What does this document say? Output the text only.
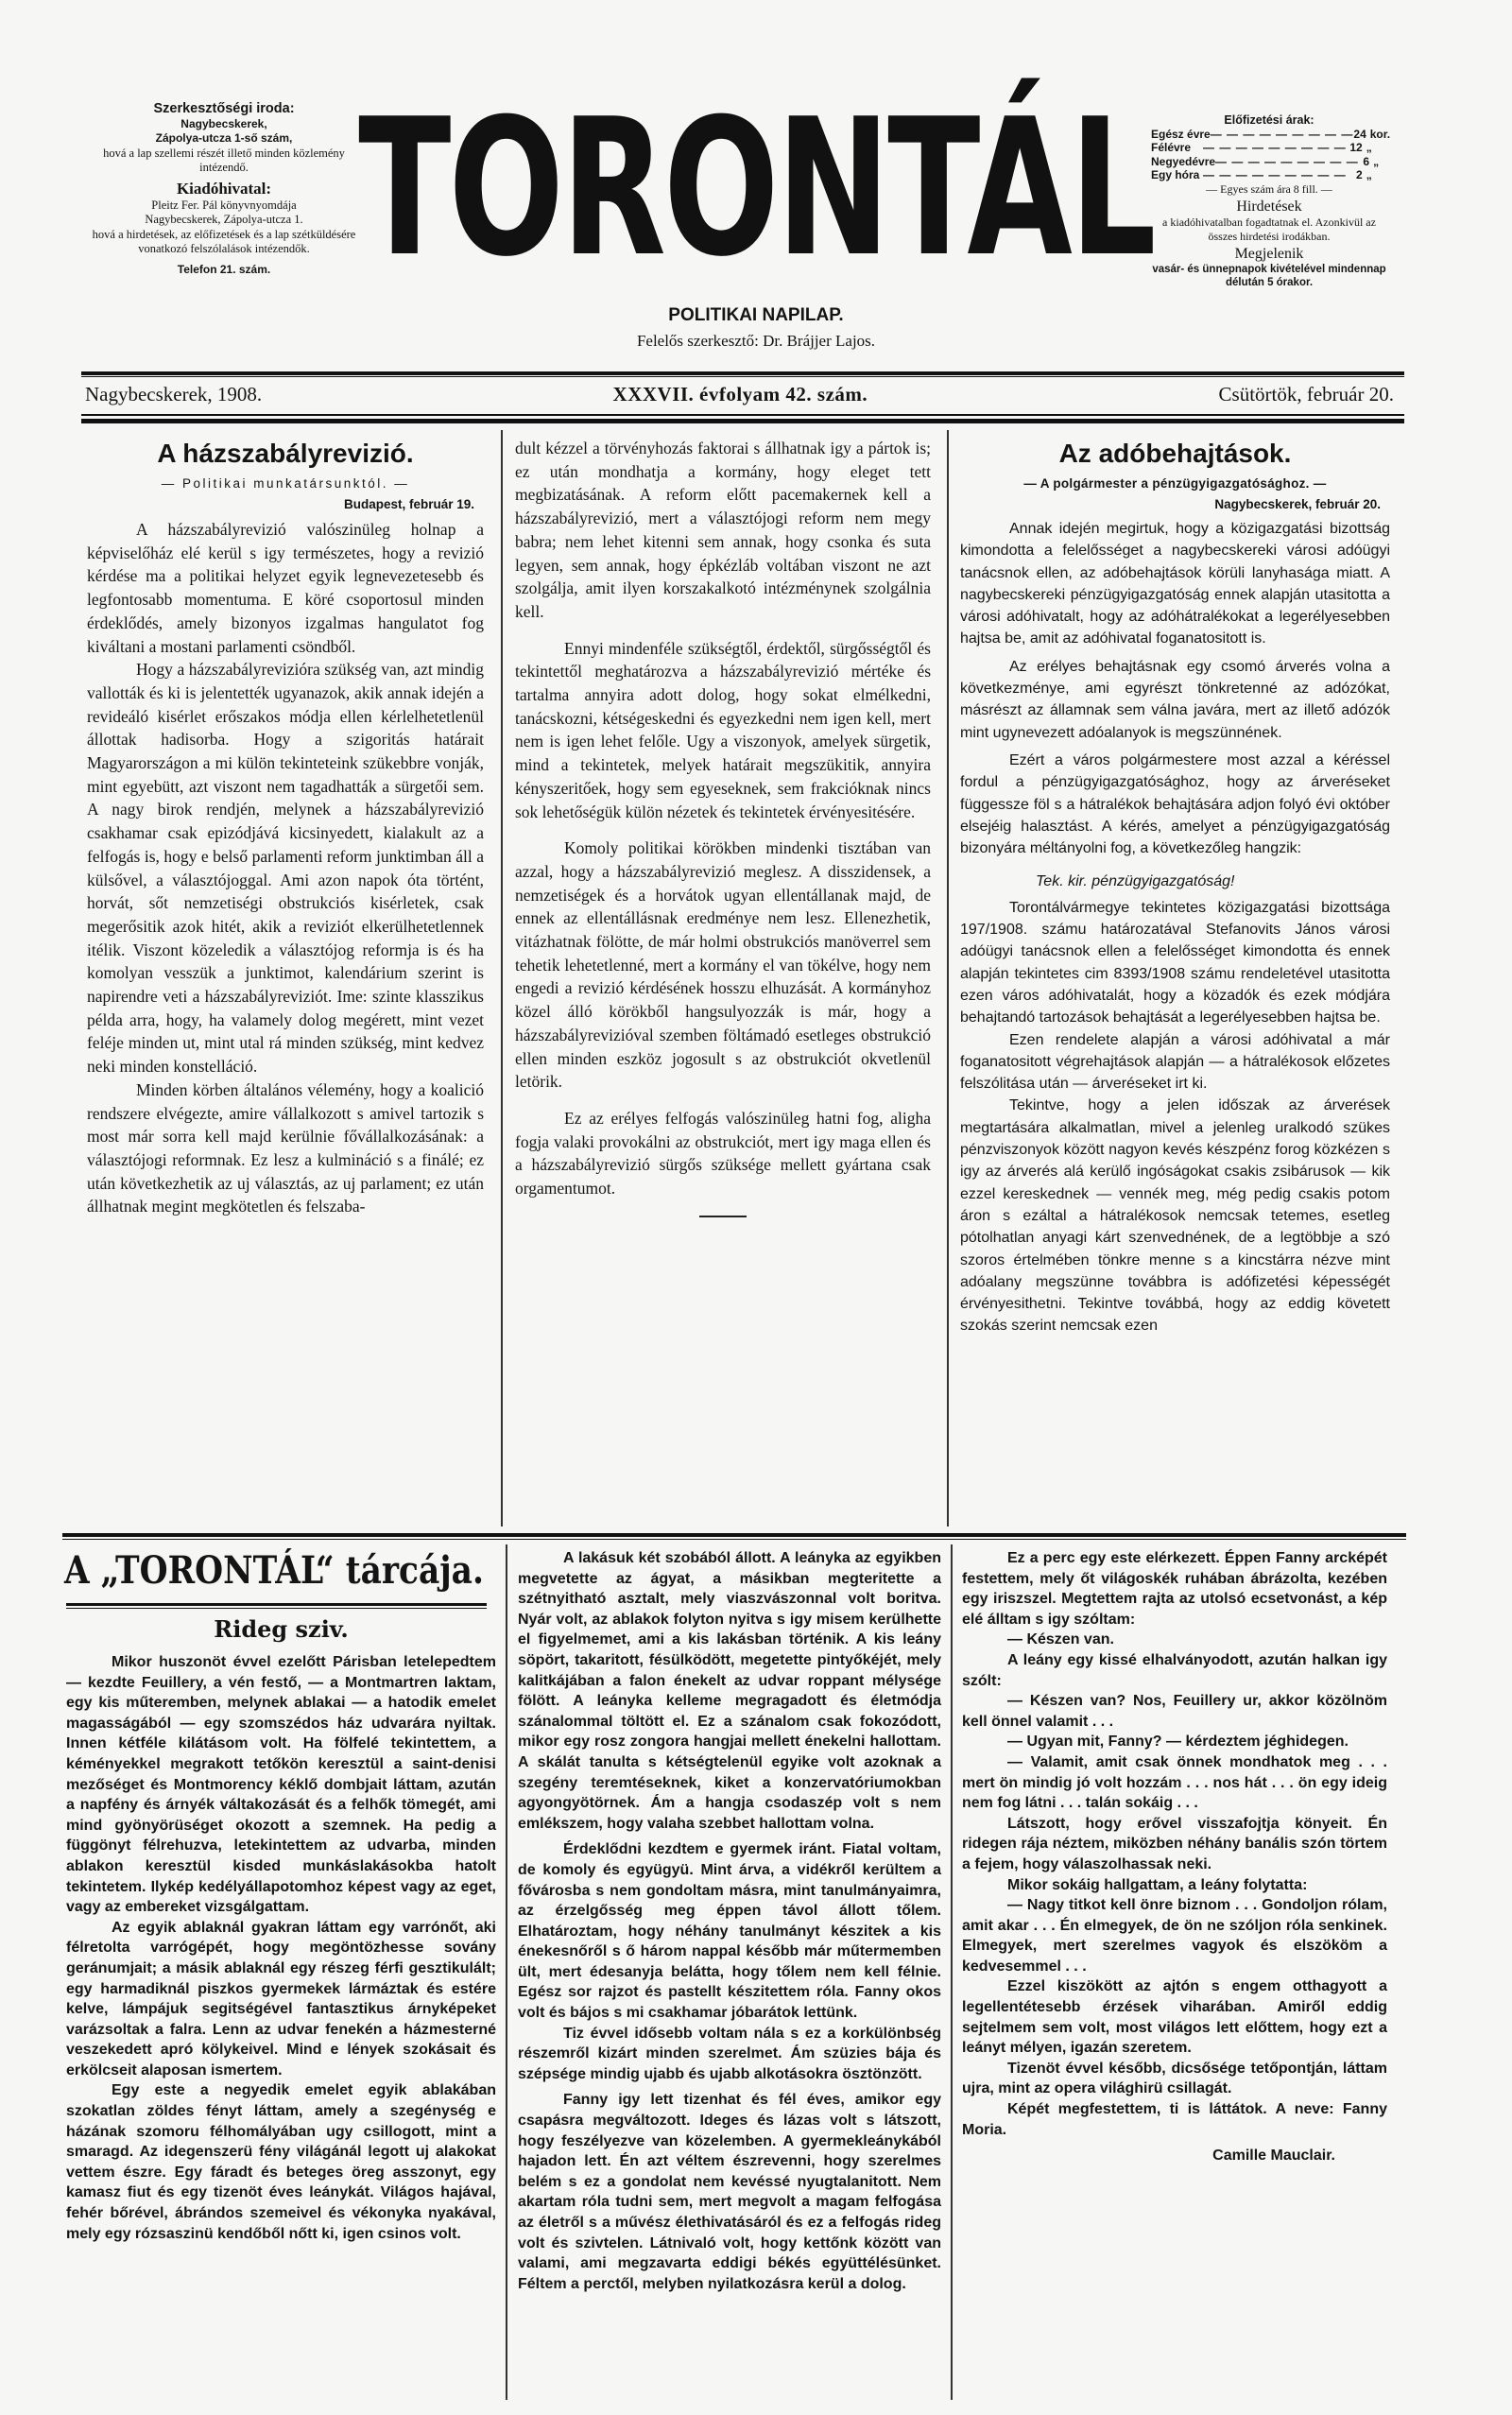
Szerkesztőségi iroda:

Nagybecskerek,

Zápolya-utcza 1-ső szám,

hová a lap szellemi részét illető minden közlemény intézendő.

Kiadóhivatal:

Pleitz Fer. Pál könyvnyomdája

Nagybecskerek, Zápolya-utcza 1.

hová a hirdetések, az előfizetések és a lap szétküldésére vonatkozó felszólalások intézendők.

Telefon 21. szám. TORONTÁL
POLITIKAI NAPILAP.
Felelős szerkesztő: Dr. Brájjer Lajos.

Előfizetési árak:

Egész évre — — — — — — — — — 24 kor.
Félévre	— — — — — — — — — 12 „
Negyedévre — — — — — — — — — 6 „
Egy hóra — — — — — — — — — 2 „

— Egyes szám ára 8 fill. —

Hirdetések

a kiadóhivatalban fogadtatnak el. Azonkivül az összes hirdetési irodákban.

Megjelenik

vasár- és ünnepnapok kivételével mindennap délután 5 órakor.

Nagybecskerek, 1908.	XXXVII. évfolyam 42. szám.	Csütörtök, február 20.

A házszabályrevizió.

— Politikai munkatársunktól. —

Budapest, február 19.

A házszabályrevizió valószinüleg holnap a képviselőház elé kerül s igy természetes, hogy a revizió kérdése ma a politikai helyzet egyik legnevezetesebb és legfontosabb momentuma. E köré csoportosul minden érdeklődés, amely bizonyos izgalmas hangulatot fog kiváltani a mostani parlamenti csöndből.

Hogy a házszabályrevizióra szükség van, azt mindig vallották és ki is jelentették ugyanazok, akik annak idején a revideáló kisérlet erőszakos módja ellen kérlelhetetlenül állottak hadisorba. Hogy a szigoritás határait Magyarországon a mi külön tekinteteink szükebbre vonják, mint egyebütt, azt viszont nem tagadhatták a sürgetői sem. A nagy birok rendjén, melynek a házszabályrevizió csakhamar csak epizódjává kicsinyedett, kialakult az a felfogás is, hogy e belső parlamenti reform junktimban áll a külsővel, a választójoggal. Ami azon napok óta történt, horvát, sőt nemzetiségi obstrukciós kisérletek, csak megerősitik azok hitét, akik a reviziót elkerülhetetlennek itélik. Viszont közeledik a választójog reformja is és ha komolyan vesszük a junktimot, kalendárium szerint is napirendre veti a házszabályreviziót. Ime: szinte klasszikus példa arra, hogy, ha valamely dolog megérett, mint vezet feléje minden ut, mint utal rá minden szükség, mint kedvez neki minden konstelláció.

Minden körben általános vélemény, hogy a koalició rendszere elvégezte, amire vállalkozott s amivel tartozik s most már sorra kell majd kerülnie fővállalkozásának: a választójogi reformnak. Ez lesz a kulmináció s a finálé; ez után következhetik az uj választás, az uj parlament; ez után állhatnak megint megkötetlen és felszaba-

dult kézzel a törvényhozás faktorai s állhatnak igy a pártok is; ez után mondhatja a kormány, hogy eleget tett megbizatásának. A reform előtt pacemakernek kell a házszabályrevizió, mert a választójogi reform nem megy babra; nem lehet kitenni sem annak, hogy csonka és suta legyen, sem annak, hogy épkézláb voltában viszont ne azt szolgálja, amit ilyen korszakalkotó intézménynek szolgálnia kell.

Ennyi mindenféle szükségtől, érdektől, sürgősségtől és tekintettől meghatározva a házszabályrevizió mértéke és tartalma annyira adott dolog, hogy sokat elmélkedni, tanácskozni, kétségeskedni és egyezkedni nem igen kell, mert nem is igen lehet felőle. Ugy a viszonyok, amelyek sürgetik, mind a tekintetek, melyek határait megszükitik, annyira kényszeritőek, hogy sem egyeseknek, sem frakcióknak nincs sok lehetőségük külön nézetek és tekintetek érvényesitésére.

Komoly politikai körökben mindenki tisztában van azzal, hogy a házszabályrevizió meglesz. A disszidensek, a nemzetiségek és a horvátok ugyan ellentállanak majd, de ennek az ellentállásnak eredménye nem lesz. Ellenezhetik, vitázhatnak fölötte, de már holmi obstrukciós manöverrel sem tehetik lehetetlenné, mert a kormány el van tökélve, hogy nem engedi a revizió kérdésének hosszu elhuzását. A kormányhoz közel álló körökből hangsulyozzák is már, hogy a házszabályrevizióval szemben föltámadó esetleges obstrukció ellen minden eszköz jogosult s az obstrukciót okvetlenül letörik.

Ez az erélyes felfogás valószinüleg hatni fog, aligha fogja valaki provokálni az obstrukciót, mert igy maga ellen és a házszabályrevizió sürgős szüksége mellett gyártana csak orgamentumot.

Az adóbehajtások.

— A polgármester a pénzügyigazgatósághoz. —

Nagybecskerek, február 20.

Annak idején megirtuk, hogy a közigazgatási bizottság kimondotta a felelősséget a nagybecskereki városi adóügyi tanácsnok ellen, az adóbehajtások körüli lanyhasága miatt. A nagybecskereki pénzügyigazgatóság ennek alapján utasitotta a városi adóhivatalt, hogy az adóhátralékokat a legerélyesebben hajtsa be, amit az adóhivatal foganatositott is.

Az erélyes behajtásnak egy csomó árverés volna a következménye, ami egyrészt tönkretenné az adózókat, másrészt az államnak sem válna javára, mert az illető adózók mint ugynevezett adóalanyok is megszünnének.

Ezért a város polgármestere most azzal a kéréssel fordul a pénzügyigazgatósághoz, hogy az árveréseket függessze föl s a hátralékok behajtására adjon folyó évi október elsejéig halasztást. A kérés, amelyet a pénzügyigazgatóság bizonyára méltányolni fog, a következőleg hangzik:

Tek. kir. pénzügyigazgatóság!

Torontálvármegye tekintetes közigazgatási bizottsága 197/1908. számu határozatával Stefanovits János városi adóügyi tanácsnok ellen a felelősséget kimondotta és ennek alapján tekintetes cim 8393/1908 számu rendeletével utasitotta ezen város adóhivatalát, hogy a közadók és ezek módjára behajtandó tartozások behajtását a legerélyesebben hajtsa be.

Ezen rendelete alapján a városi adóhivatal a már foganatositott végrehajtások alapján — a hátralékosok előzetes felszólitása után — árveréseket irt ki.

Tekintve, hogy a jelen időszak az árverések megtartására alkalmatlan, mivel a jelenleg uralkodó szükes pénzviszonyok között nagyon kevés készpénz forog közkézen s igy az árverés alá kerülő ingóságokat csakis zsibárusok — kik ezzel kereskednek — vennék meg, még pedig csakis potom áron s ezáltal a hátralékosok nemcsak tetemes, esetleg pótolhatlan anyagi kárt szenvednének, de a legtöbbje a szó szoros értelmében tönkre menne s a kincstárra nézve mint adóalany megszünne továbbra is adófizetési képességét érvényesithetni. Tekintve továbbá, hogy az eddig követett szokás szerint nemcsak ezen

A „TORONTÁL“ tárcája.
Rideg sziv.

Mikor huszonöt évvel ezelőtt Párisban letelepedtem — kezdte Feuillery, a vén festő, — a Montmartren laktam, egy kis műteremben, melynek ablakai — a hatodik emelet magasságából — egy szomszédos ház udvarára nyiltak. Innen kétféle kilátásom volt. Ha fölfelé tekintettem, a kéményekkel megrakott tetőkön keresztül a saint-denisi mezőséget és Montmorency kéklő dombjait láttam, azután a napfény és árnyék váltakozását és a felhők tömegét, ami mind gyönyörüséget okozott a szemnek. Ha pedig a függönyt félrehuzva, letekintettem az udvarba, minden ablakon keresztül kisded munkáslakásokba hatolt tekintetem. Ilykép kedélyállapotomhoz képest vagy az eget, vagy az embereket vizsgálgattam.

Az egyik ablaknál gyakran láttam egy varrónőt, aki félretolta varrógépét, hogy megöntözhesse sovány geránumjait; a másik ablaknál egy részeg férfi gesztikulált; egy harmadiknál piszkos gyermekek lármáztak és estére kelve, lámpájuk segitségével fantasztikus árnyképeket varázsoltak a falra. Lenn az udvar fenekén a házmesterné veszekedett apró kölykeivel. Mind e lények szokásait és erkölcseit alaposan ismertem.

Egy este a negyedik emelet egyik ablakában szokatlan zöldes fényt láttam, amely a szegénység e házának szomoru félhomályában ugy csillogott, mint a smaragd. Az idegenszerü fény világánál legott uj alakokat vettem észre. Egy fáradt és beteges öreg asszonyt, egy kamasz fiut és egy tizenöt éves leánykát. Világos hajával, fehér bőrével, ábrándos szemeivel és vékonyka nyakával, mely egy rózsaszinü kendőből nőtt ki, igen csinos volt.

A lakásuk két szobából állott. A leányka az egyikben megvetette az ágyat, a másikban megteritette a szétnyitható asztalt, mely viaszvászonnal volt boritva. Nyár volt, az ablakok folyton nyitva s igy misem kerülhette el figyelmemet, ami a kis lakásban történik. A kis leány söpört, takaritott, fésülködött, megetette pintyőkéjét, mely kalitkájában a falon énekelt az udvar roppant mélysége fölött. A leányka kelleme megragadott és életmódja szánalommal töltött el. Ez a szánalom csak fokozódott, mikor egy rosz zongora hangjai mellett énekelni hallottam. A skálát tanulta s kétségtelenül egyike volt azoknak a szegény teremtéseknek, kiket a konzervatóriumokban agyongyötörnek. Ám a hangja csodaszép volt s nem emlékszem, hogy valaha szebbet hallottam volna.

Érdeklődni kezdtem e gyermek iránt. Fiatal voltam, de komoly és együgyü. Mint árva, a vidékről kerültem a fővárosba s nem gondoltam másra, mint tanulmányaimra, az érzelgősség meg éppen távol állott tőlem. Elhatároztam, hogy néhány tanulmányt készitek a kis énekesnőről s ő három nappal később már műtermemben ült, mert édesanyja belátta, hogy tőlem nem kell félnie. Egész sor rajzot és pastellt készitettem róla. Fanny okos volt és bájos s mi csakhamar jóbarátok lettünk.

Tiz évvel idősebb voltam nála s ez a korkülönbség részemről kizárt minden szerelmet. Ám szüzies bája és szépsége mindig ujabb és ujabb alkotásokra ösztönzött.

Fanny igy lett tizenhat és fél éves, amikor egy csapásra megváltozott. Ideges és lázas volt s látszott, hogy feszélyezve van közelemben. A gyermekleánykából hajadon lett. Én azt véltem észrevenni, hogy szerelmes belém s ez a gondolat nem kevéssé nyugtalanitott. Nem akartam róla tudni sem, mert megvolt a magam felfogása az életről s a művész élethivatásáról és ez a felfogás rideg volt és szivtelen. Látnivaló volt, hogy kettőnk között van valami, ami megzavarta eddigi békés együttélésünket. Féltem a perctől, melyben nyilatkozásra kerül a dolog.

Ez a perc egy este elérkezett. Éppen Fanny arcképét festettem, mely őt világoskék ruhában ábrázolta, kezében egy iriszszel. Megtettem rajta az utolsó ecsetvonást, a kép elé álltam s igy szóltam:

— Készen van.

A leány egy kissé elhalványodott, azután halkan igy szólt:

— Készen van? Nos, Feuillery ur, akkor közölnöm kell önnel valamit . . .

— Ugyan mit, Fanny? — kérdeztem jéghidegen.

— Valamit, amit csak önnek mondhatok meg . . . mert ön mindig jó volt hozzám . . . nos hát . . . ön egy ideig nem fog látni . . . talán sokáig . . .

Látszott, hogy erővel visszafojtja könyeit. Én ridegen rája néztem, miközben néhány banális szón törtem a fejem, hogy válaszolhassak neki.

Mikor sokáig hallgattam, a leány folytatta:

— Nagy titkot kell önre biznom . . . Gondoljon rólam, amit akar . . . Én elmegyek, de ön ne szóljon róla senkinek. Elmegyek, mert szerelmes vagyok és elszököm a kedvesemmel . . .

Ezzel kiszökött az ajtón s engem otthagyott a legellentétesebb érzések viharában. Amiről eddig sejtelmem sem volt, most világos lett előttem, hogy ezt a leányt mélyen, igazán szeretem.

Tizenöt évvel később, dicsősége tetőpontján, láttam ujra, mint az opera világhirü csillagát.

Képét megfestettem, ti is láttátok. A neve: Fanny Moria.

Camille Mauclair.
